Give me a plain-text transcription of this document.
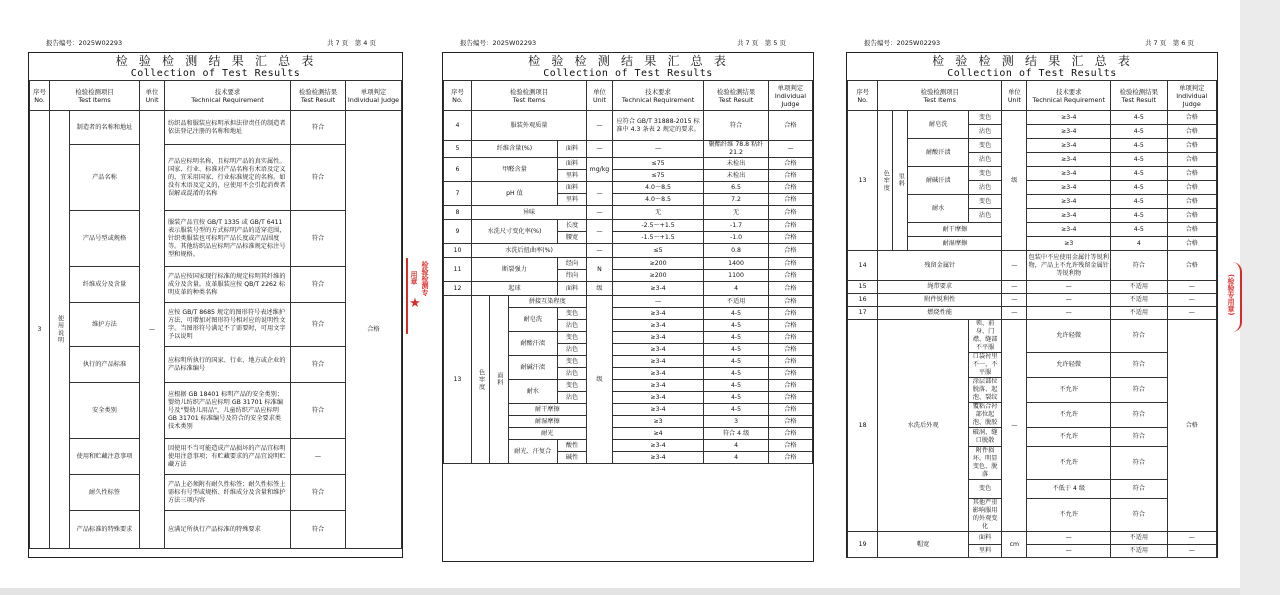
报告编号：2025W02293	共 7 页　第 4 页
检 验 检 测 结 果 汇 总 表
Collection of Test Results
序号
No.	检验检测项目
Test Items		单位
Unit	技术要求
Technical Requirement	检验检测结果
Test Result	单项判定
Individual Judge
3	使用说明	制造者的名称和地址	—	纺织品和服装应标明承担法律责任的制造者依法登记注册的名称和地址	符合	合格
		产品名称		产品应标明名称，且标明产品的真实属性。国家、行业、标准对产品名称有术语及定义的，宜采用国家、行业标准规定的名称。如没有术语及定义的，应使用不会引起消费者误解或混淆的名称	符合	
		产品号型或规格		服装产品宜按 GB/T 1335 或 GB/T 6411 表示服装号型的方式标明产品的适穿范围，针织类服装也可标明产品长度或产品围度等。其他纺织品应标明产品标准规定标注号型和规格。	符合	
		纤维成分及含量		产品应按国家现行标准的规定标明其纤维的成分及含量。皮革服装应按 QB/T 2262 标明皮革的种类名称	符合	
		维护方法		应按 GB/T 8685 规定的图形符号表述维护方法，可增加对图形符号相对应的说明性文字。当图形符号满足不了需要时，可用文字予以说明	符合	
		执行的产品标准		应标明所执行的国家、行业、地方或企业的产品标准编号	符合	
		安全类别		应根据 GB 18401 标明产品的安全类别；婴幼儿纺织产品应标明 GB 31701 标准编号及"婴幼儿用品"，儿童纺织产品应标明 GB 31701 标准编号及符合的安全要求类技术类别	符合	
		使用和贮藏注意事项		因使用不当可能造成产品损坏的产品宜标明使用注意事项；有贮藏要求的产品宜说明贮藏方法	—	
		耐久性标签		产品上必须附有耐久性标签；耐久性标签上需标有号型或规格、纤维成分及含量和维护方法三项内容	符合	
		产品标准的特殊要求		应满足所执行产品标准的特殊要求	符合	
报告编号：2025W02293	共 7 页　第 5 页
检 验 检 测 结 果 汇 总 表
Collection of Test Results
序号
No.	检验检测项目
Test Items				单位
Unit	技术要求
Technical Requirement	检验检测结果
Test Result	单项判定
Individual Judge
4	服装外观质量				—	应符合 GB/T 31888-2015 标准中 4.3 条表 2 规定的要求。	符合	合格
5	纤维含量(%)			面料	—	—	聚酯纤维 78.8 粘纤 21.2	—
6	甲醛含量			面料	mg/kg	≤75	未检出	合格
				里料		≤75	未检出	合格
7	pH 值			面料	—	4.0～8.5	6.5	合格
				里料		4.0～8.5	7.2	合格
8	异味				—	无	无	合格
9	水洗尺寸变化率(%)			长度	—	-2.5～+1.5	-1.7	合格
				腰宽		-1.5～+1.5	-1.0	合格
10	水洗后扭曲率(%)				—	≤5	0.8	合格
11	断裂强力			经向	N	≥200	1400	合格
				纬向		≥200	1100	合格
12	起球			面料	级	≥3-4	4	合格
13	色牢度	面料	拼接互染程度		级	—	不适用	合格
			耐皂洗	变色		≥3-4	4-5	合格
				沾色		≥3-4	4-5	合格
			耐酸汗渍	变色		≥3-4	4-5	合格
				沾色		≥3-4	4-5	合格
			耐碱汗渍	变色		≥3-4	4-5	合格
				沾色		≥3-4	4-5	合格
			耐水	变色		≥3-4	4-5	合格
				沾色		≥3-4	4-5	合格
			耐干摩擦			≥3-4	4-5	合格
			耐湿摩擦			≥3	3	合格
			耐光			≥4	符合 4 级	合格
			耐光、汗复合	酸性		≥3-4	4	合格
				碱性		≥3-4	4	合格
报告编号：2025W02293	共 7 页　第 6 页
检 验 检 测 结 果 汇 总 表
Collection of Test Results
序号
No.	检验检测项目
Test Items				单位
Unit	技术要求
Technical Requirement	检验检测结果
Test Result	单项判定
Individual Judge
13	色牢度	里料	耐皂洗	变色	级	≥3-4	4-5	合格
				沾色		≥3-4	4-5	合格
			耐酸汗渍	变色		≥3-4	4-5	合格
				沾色		≥3-4	4-5	合格
			耐碱汗渍	变色		≥3-4	4-5	合格
				沾色		≥3-4	4-5	合格
			耐水	变色		≥3-4	4-5	合格
				沾色		≥3-4	4-5	合格
			耐干摩擦			≥3-4	4-5	合格
			耐湿摩擦			≥3	4	合格
14	残留金属针				—	包装中不应使用金属针等锐利物，产品上不允许残留金属针等锐利物	符合	合格
15	绳带要求				—	—	不适用	—
16	附件锐利性				—	—	不适用	—
17	燃烧性能				—	—	不适用	—
18	水洗后外观			领、前身、门襟、缝部不平服	—	允许轻微	符合	合格
				口袋衬里不一，不平服		允许轻微	符合	
				涂层部位脱落、起泡、裂纹		不允许	符合	
				覆粘合衬部位起泡、脱胶		不允许	符合	
				破洞、缝口脱散		不允许	符合	
				附件损坏、明显变色、脱落		不允许	符合	
				变色		不低于 4 级	符合	
				其他严重影响服用的外观变化		不允许	符合	
19	帽宽			面料	cm	—	不适用	—
				里料		—	不适用	—
检验检测专用章
★	(检验专用章)
